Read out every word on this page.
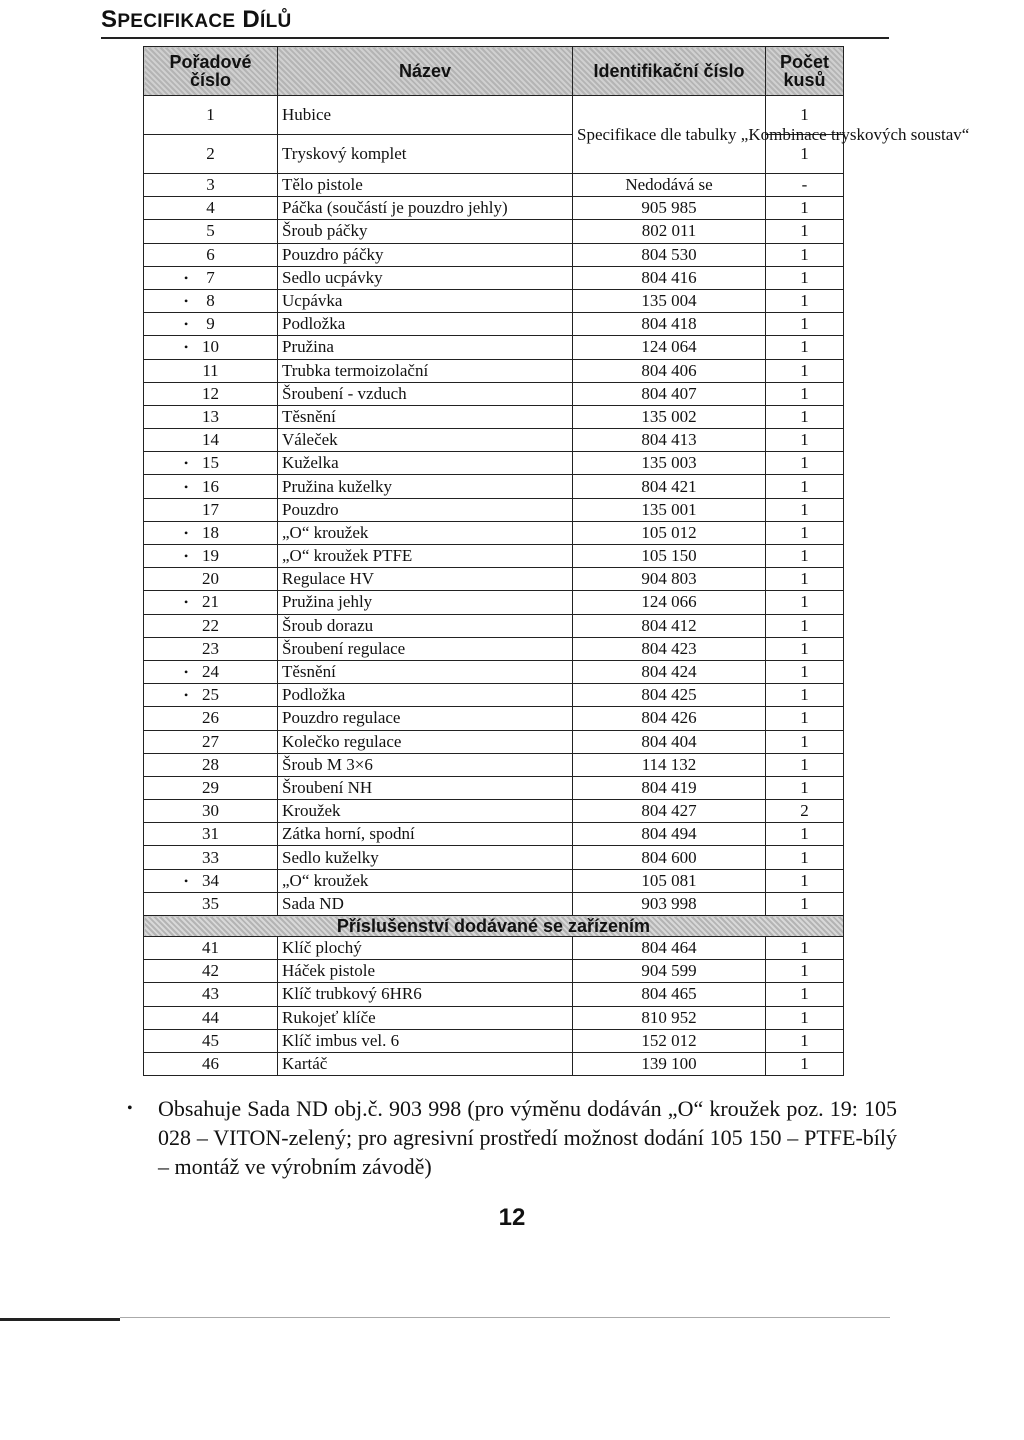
SPECIFIKACE DÍLŮ
Pořadové
číslo	Název	Identifikační číslo	Počet
kusů
1	Hubice	Specifikace dle tabulky „Kombinace tryskových soustav“	1
2	Tryskový komplet		1

3	Tělo pistole	Nedodává se	-

4	Páčka (součástí je pouzdro jehly)	905 985	1

5	Šroub páčky	802 011	1

6	Pouzdro páčky	804 530	1

• 7	Sedlo ucpávky	804 416	1

• 8	Ucpávka	135 004	1

• 9	Podložka	804 418	1

• 10	Pružina	124 064	1

11	Trubka termoizolační	804 406	1

12	Šroubení - vzduch	804 407	1

13	Těsnění	135 002	1

14	Váleček	804 413	1

• 15	Kuželka	135 003	1

• 16	Pružina kuželky	804 421	1

17	Pouzdro	135 001	1

• 18	„O“ kroužek	105 012	1

• 19	„O“ kroužek PTFE	105 150	1

20	Regulace HV	904 803	1

• 21	Pružina jehly	124 066	1

22	Šroub dorazu	804 412	1

23	Šroubení regulace	804 423	1

• 24	Těsnění	804 424	1

• 25	Podložka	804 425	1

26	Pouzdro regulace	804 426	1

27	Kolečko regulace	804 404	1

28	Šroub M 3×6	114 132	1

29	Šroubení NH	804 419	1

30	Kroužek	804 427	2

31	Zátka horní, spodní	804 494	1

33	Sedlo kuželky	804 600	1

• 34	„O“ kroužek	105 081	1

35	Sada ND	903 998	1
Příslušenství dodávané se zařízením			

41	Klíč plochý	804 464	1

42	Háček pistole	904 599	1

43	Klíč trubkový 6HR6	804 465	1

44	Rukojeť klíče	810 952	1

45	Klíč imbus vel. 6	152 012	1

46	Kartáč	139 100	1
• Obsahuje Sada ND obj.č. 903 998 (pro výměnu dodáván „O“ kroužek poz. 19: 105 028 – VITON-zelený; pro agresivní prostředí možnost dodání 105 150 – PTFE-bílý – montáž ve výrobním závodě)
12
